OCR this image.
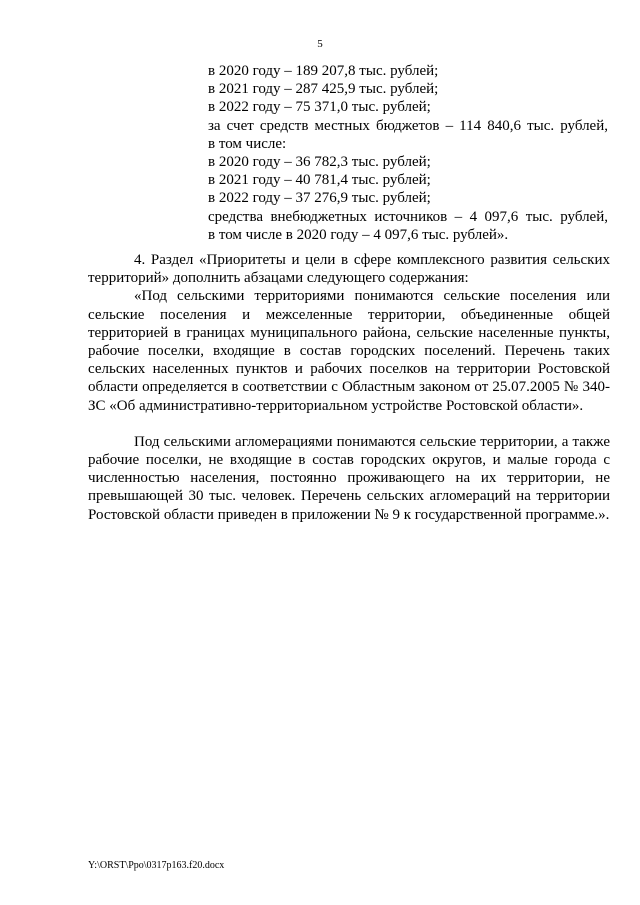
5
в 2020 году – 189 207,8 тыс. рублей;
в 2021 году – 287 425,9 тыс. рублей;
в 2022 году – 75 371,0 тыс. рублей;
за счет средств местных бюджетов – 114 840,6 тыс. рублей,
в том числе:
в 2020 году – 36 782,3 тыс. рублей;
в 2021 году – 40 781,4 тыс. рублей;
в 2022 году – 37 276,9 тыс. рублей;
средства внебюджетных источников – 4 097,6 тыс. рублей,
в том числе в 2020 году – 4 097,6 тыс. рублей».

4. Раздел «Приоритеты и цели в сфере комплексного развития сельских территорий» дополнить абзацами следующего содержания:

«Под сельскими территориями понимаются сельские поселения или сельские поселения и межселенные территории, объединенные общей территорией в границах муниципального района, сельские населенные пункты, рабочие поселки, входящие в состав городских поселений. Перечень таких сельских населенных пунктов и рабочих поселков на территории Ростовской области определяется в соответствии с Областным законом от 25.07.2005 № 340-ЗС «Об административно-территориальном устройстве Ростовской области».

Под сельскими агломерациями понимаются сельские территории, а также рабочие поселки, не входящие в состав городских округов, и малые города с численностью населения, постоянно проживающего на их территории, не превышающей 30 тыс. человек. Перечень сельских агломераций на территории Ростовской области приведен в приложении № 9 к государственной программе.».

Y:\ORST\Ppo\0317p163.f20.docx
